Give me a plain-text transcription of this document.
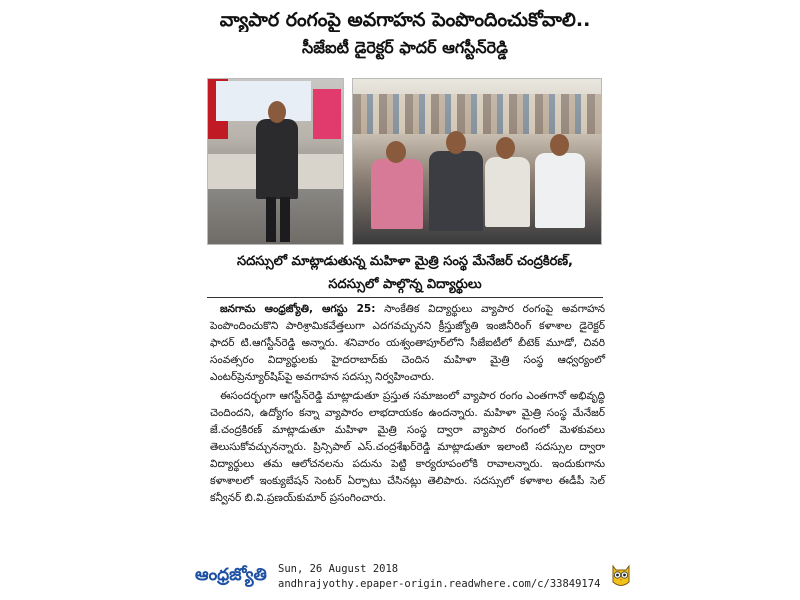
వ్యాపార రంగంపై అవగాహన పెంపొందించుకోవాలి..
సీజేఐటీ డైరెక్టర్ ఫాదర్ ఆగస్టీన్‌రెడ్డి
సదస్సులో మాట్లాడుతున్న మహిళా మైత్రి సంస్థ మేనేజర్ చంద్రకిరణ్,
సదస్సులో పాల్గొన్న విద్యార్థులు

జనగామ ఆంధ్రజ్యోతి, ఆగస్టు 25: సాంకేతిక విద్యార్థులు వ్యాపార రంగంపై అవగాహన పెంపొందించుకొని పారిశ్రామికవేత్తలుగా ఎదగవచ్చునని క్రీస్తుజ్యోతి ఇంజినీరింగ్ కళాశాల డైరెక్టర్ ఫాదర్ టి.ఆగస్టీన్‌రెడ్డి అన్నారు. శనివారం యశ్వంతాపూర్‌లోని సీజేఐటీలో బీటెక్ మూడో, చివరి సంవత్సరం విద్యార్థులకు హైదరాబాద్‌కు చెందిన మహిళా మైత్రి సంస్థ ఆధ్వర్యంలో ఎంటర్‌ప్రెన్యూర్‌షిప్‌పై అవగాహన సదస్సు నిర్వహించారు.

ఈసందర్భంగా ఆగస్టీన్‌రెడ్డి మాట్లాడుతూ ప్రస్తుత సమాజంలో వ్యాపార రంగం ఎంతగానో అభివృద్ధి చెందిందని, ఉద్యోగం కన్నా వ్యాపారం లాభదాయకం ఉందన్నారు. మహిళా మైత్రి సంస్థ మేనేజర్ జే.చంద్రకిరణ్ మాట్లాడుతూ మహిళా మైత్రి సంస్థ ద్వారా వ్యాపార రంగంలో మెళకువలు తెలుసుకోవచ్చునన్నారు. ప్రిన్సిపాల్ ఎస్.చంద్రశేఖర్‌రెడ్డి మాట్లాడుతూ ఇలాంటి సదస్సుల ద్వారా విద్యార్థులు తమ ఆలోచనలను పదును పెట్టి కార్యరూపంలోకి రావాలన్నారు. ఇందుకుగాను కళాశాలలో ఇంక్యుబేషన్ సెంటర్ ఏర్పాటు చేసినట్లు తెలిపారు. సదస్సులో కళాశాల ఈడీపీ సెల్ కన్వీనర్ బి.వి.ప్రణయ్‌కుమార్ ప్రసంగించారు.

ఆంధ్రజ్యోతి Sun, 26 August 2018
andhrajyothy.epaper-origin.readwhere.com/c/33849174
